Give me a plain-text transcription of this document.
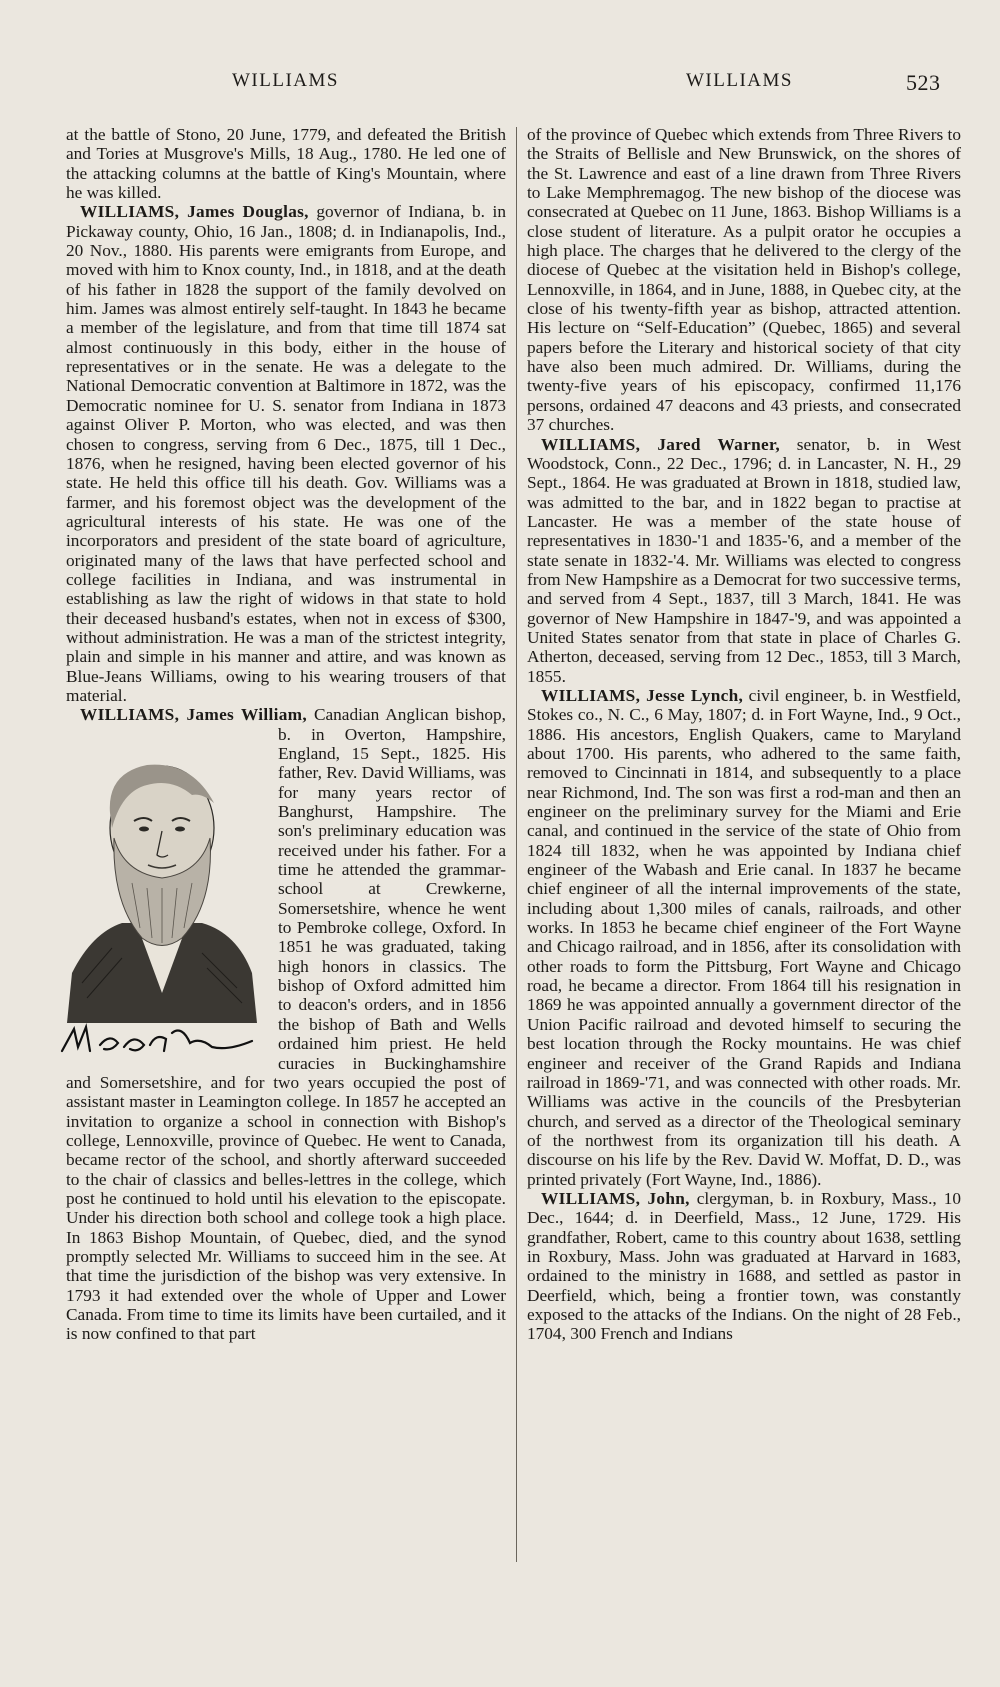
WILLIAMS	WILLIAMS	523

at the battle of Stono, 20 June, 1779, and defeated the British and Tories at Musgrove's Mills, 18 Aug., 1780. He led one of the attacking columns at the battle of King's Mountain, where he was killed.

WILLIAMS, James Douglas, governor of Indiana, b. in Pickaway county, Ohio, 16 Jan., 1808; d. in Indianapolis, Ind., 20 Nov., 1880. His parents were emigrants from Europe, and moved with him to Knox county, Ind., in 1818, and at the death of his father in 1828 the support of the family devolved on him. James was almost entirely self-taught. In 1843 he became a member of the legislature, and from that time till 1874 sat almost continuously in this body, either in the house of representatives or in the senate. He was a delegate to the National Democratic convention at Baltimore in 1872, was the Democratic nominee for U. S. senator from Indiana in 1873 against Oliver P. Morton, who was elected, and was then chosen to congress, serving from 6 Dec., 1875, till 1 Dec., 1876, when he resigned, having been elected governor of his state. He held this office till his death. Gov. Williams was a farmer, and his foremost object was the development of the agricultural interests of his state. He was one of the incorporators and president of the state board of agriculture, originated many of the laws that have perfected school and college facilities in Indiana, and was instrumental in establishing as law the right of widows in that state to hold their deceased husband's estates, when not in excess of $300, without administration. He was a man of the strictest integrity, plain and simple in his manner and attire, and was known as Blue-Jeans Williams, owing to his wearing trousers of that material.

WILLIAMS, James William,
Canadian Anglican bishop, b. in Overton, Hampshire, England, 15 Sept., 1825. His father, Rev. David Williams, was for many years rector of Banghurst, Hampshire. The son's preliminary education was received under his father. For a time he attended the grammar-school at Crewkerne, Somersetshire, whence he went to Pembroke college, Oxford. In 1851 he was graduated, taking high honors in classics. The bishop of Oxford admitted him to deacon's orders, and in 1856 the bishop of Bath and Wells ordained him priest. He held curacies in Buckinghamshire and Somersetshire, and for two years occupied the post of assistant master in Leamington college. In 1857 he accepted an invitation to organize a school in connection with Bishop's college, Lennoxville, province of Quebec. He went to Canada, became rector of the school, and shortly afterward succeeded to the chair of classics and belles-lettres in the college, which post he continued to hold until his elevation to the episcopate. Under his direction both school and college took a high place. In 1863 Bishop Mountain, of Quebec, died, and the synod promptly selected Mr. Williams to succeed him in the see. At that time the jurisdiction of the bishop was very extensive. In 1793 it had extended over the whole of Upper and Lower Canada. From time to time its limits have been curtailed, and it is now confined to that part

of the province of Quebec which extends from Three Rivers to the Straits of Bellisle and New Brunswick, on the shores of the St. Lawrence and east of a line drawn from Three Rivers to Lake Memphremagog. The new bishop of the diocese was consecrated at Quebec on 11 June, 1863. Bishop Williams is a close student of literature. As a pulpit orator he occupies a high place. The charges that he delivered to the clergy of the diocese of Quebec at the visitation held in Bishop's college, Lennoxville, in 1864, and in June, 1888, in Quebec city, at the close of his twenty-fifth year as bishop, attracted attention. His lecture on “Self-Education” (Quebec, 1865) and several papers before the Literary and historical society of that city have also been much admired. Dr. Williams, during the twenty-five years of his episcopacy, confirmed 11,176 persons, ordained 47 deacons and 43 priests, and consecrated 37 churches.

WILLIAMS, Jared Warner, senator, b. in West Woodstock, Conn., 22 Dec., 1796; d. in Lancaster, N. H., 29 Sept., 1864. He was graduated at Brown in 1818, studied law, was admitted to the bar, and in 1822 began to practise at Lancaster. He was a member of the state house of representatives in 1830-'1 and 1835-'6, and a member of the state senate in 1832-'4. Mr. Williams was elected to congress from New Hampshire as a Democrat for two successive terms, and served from 4 Sept., 1837, till 3 March, 1841. He was governor of New Hampshire in 1847-'9, and was appointed a United States senator from that state in place of Charles G. Atherton, deceased, serving from 12 Dec., 1853, till 3 March, 1855.

WILLIAMS, Jesse Lynch, civil engineer, b. in Westfield, Stokes co., N. C., 6 May, 1807; d. in Fort Wayne, Ind., 9 Oct., 1886. His ancestors, English Quakers, came to Maryland about 1700. His parents, who adhered to the same faith, removed to Cincinnati in 1814, and subsequently to a place near Richmond, Ind. The son was first a rod-man and then an engineer on the preliminary survey for the Miami and Erie canal, and continued in the service of the state of Ohio from 1824 till 1832, when he was appointed by Indiana chief engineer of the Wabash and Erie canal. In 1837 he became chief engineer of all the internal improvements of the state, including about 1,300 miles of canals, railroads, and other works. In 1853 he became chief engineer of the Fort Wayne and Chicago railroad, and in 1856, after its consolidation with other roads to form the Pittsburg, Fort Wayne and Chicago road, he became a director. From 1864 till his resignation in 1869 he was appointed annually a government director of the Union Pacific railroad and devoted himself to securing the best location through the Rocky mountains. He was chief engineer and receiver of the Grand Rapids and Indiana railroad in 1869-'71, and was connected with other roads. Mr. Williams was active in the councils of the Presbyterian church, and served as a director of the Theological seminary of the northwest from its organization till his death. A discourse on his life by the Rev. David W. Moffat, D. D., was printed privately (Fort Wayne, Ind., 1886).

WILLIAMS, John, clergyman, b. in Roxbury, Mass., 10 Dec., 1644; d. in Deerfield, Mass., 12 June, 1729. His grandfather, Robert, came to this country about 1638, settling in Roxbury, Mass. John was graduated at Harvard in 1683, ordained to the ministry in 1688, and settled as pastor in Deerfield, which, being a frontier town, was constantly exposed to the attacks of the Indians. On the night of 28 Feb., 1704, 300 French and Indians
